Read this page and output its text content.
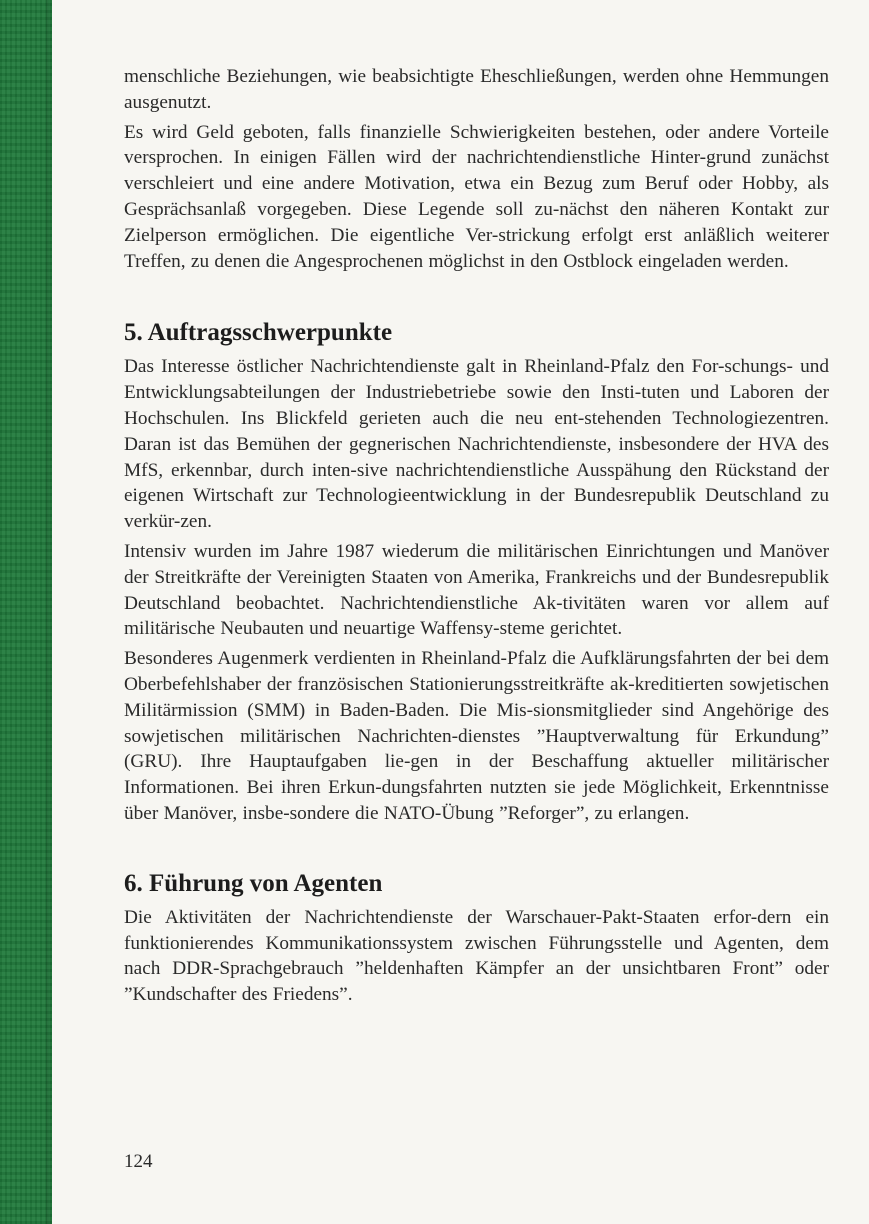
menschliche Beziehungen, wie beabsichtigte Eheschließungen, werden ohne Hemmungen ausgenutzt.

Es wird Geld geboten, falls finanzielle Schwierigkeiten bestehen, oder andere Vorteile versprochen. In einigen Fällen wird der nachrichtendienstliche Hinter-grund zunächst verschleiert und eine andere Motivation, etwa ein Bezug zum Beruf oder Hobby, als Gesprächsanlaß vorgegeben. Diese Legende soll zu-nächst den näheren Kontakt zur Zielperson ermöglichen. Die eigentliche Ver-strickung erfolgt erst anläßlich weiterer Treffen, zu denen die Angesprochenen möglichst in den Ostblock eingeladen werden.

5. Auftragsschwerpunkte

Das Interesse östlicher Nachrichtendienste galt in Rheinland-Pfalz den For-schungs- und Entwicklungsabteilungen der Industriebetriebe sowie den Insti-tuten und Laboren der Hochschulen. Ins Blickfeld gerieten auch die neu ent-stehenden Technologiezentren. Daran ist das Bemühen der gegnerischen Nachrichtendienste, insbesondere der HVA des MfS, erkennbar, durch inten-sive nachrichtendienstliche Ausspähung den Rückstand der eigenen Wirtschaft zur Technologieentwicklung in der Bundesrepublik Deutschland zu verkür-zen.

Intensiv wurden im Jahre 1987 wiederum die militärischen Einrichtungen und Manöver der Streitkräfte der Vereinigten Staaten von Amerika, Frankreichs und der Bundesrepublik Deutschland beobachtet. Nachrichtendienstliche Ak-tivitäten waren vor allem auf militärische Neubauten und neuartige Waffensy-steme gerichtet.

Besonderes Augenmerk verdienten in Rheinland-Pfalz die Aufklärungsfahrten der bei dem Oberbefehlshaber der französischen Stationierungsstreitkräfte ak-kreditierten sowjetischen Militärmission (SMM) in Baden-Baden. Die Mis-sionsmitglieder sind Angehörige des sowjetischen militärischen Nachrichten-dienstes ”Hauptverwaltung für Erkundung” (GRU). Ihre Hauptaufgaben lie-gen in der Beschaffung aktueller militärischer Informationen. Bei ihren Erkun-dungsfahrten nutzten sie jede Möglichkeit, Erkenntnisse über Manöver, insbe-sondere die NATO-Übung ”Reforger”, zu erlangen.

6. Führung von Agenten

Die Aktivitäten der Nachrichtendienste der Warschauer-Pakt-Staaten erfor-dern ein funktionierendes Kommunikationssystem zwischen Führungsstelle und Agenten, dem nach DDR-Sprachgebrauch ”heldenhaften Kämpfer an der unsichtbaren Front” oder ”Kundschafter des Friedens”.

124
